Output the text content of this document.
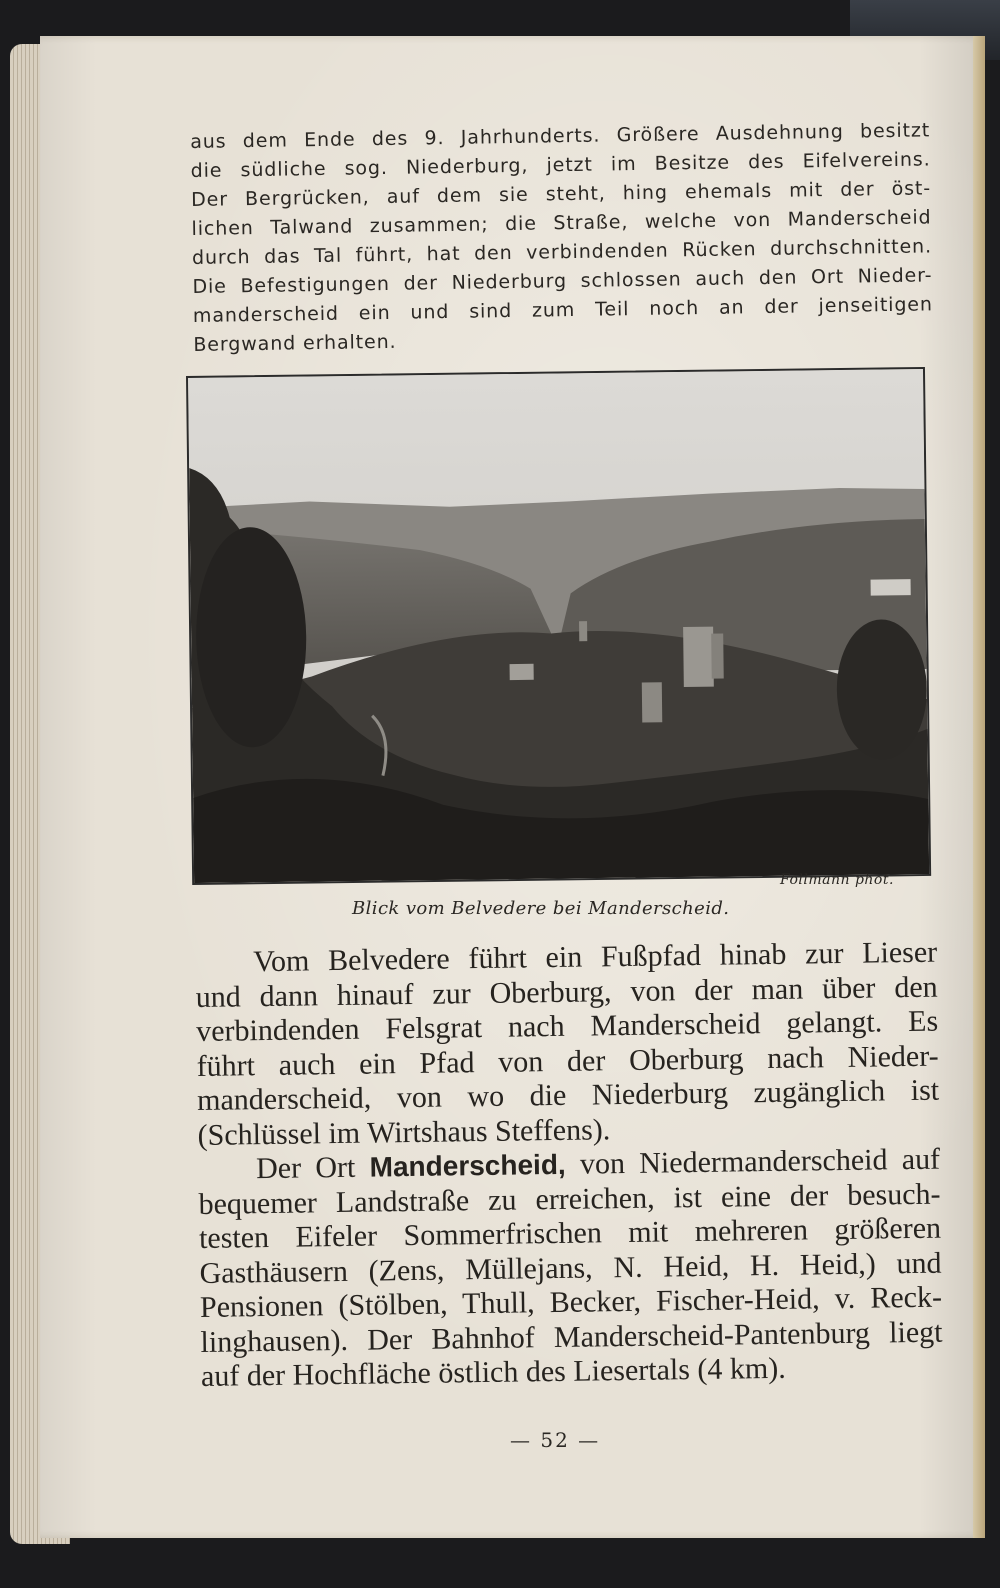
aus dem Ende des 9. Jahrhunderts. Größere Ausdehnung besitzt
die südliche sog. Niederburg, jetzt im Besitze des Eifelvereins.
Der Bergrücken, auf dem sie steht, hing ehemals mit der öst-
lichen Talwand zusammen; die Straße, welche von Manderscheid
durch das Tal führt, hat den verbindenden Rücken durchschnitten.
Die Befestigungen der Niederburg schlossen auch den Ort Nieder-
manderscheid ein und sind zum Teil noch an der jenseitigen
Bergwand erhalten.
Follmann phot.
Blick vom Belvedere bei Manderscheid.
Vom Belvedere führt ein Fußpfad hinab zur Lieser
und dann hinauf zur Oberburg, von der man über den
verbindenden Felsgrat nach Manderscheid gelangt. Es
führt auch ein Pfad von der Oberburg nach Nieder-
manderscheid, von wo die Niederburg zugänglich ist
(Schlüssel im Wirtshaus Steffens).
Der Ort Manderscheid, von Niedermanderscheid auf
bequemer Landstraße zu erreichen, ist eine der besuch-
testen Eifeler Sommerfrischen mit mehreren größeren
Gasthäusern (Zens, Müllejans, N. Heid, H. Heid,) und
Pensionen (Stölben, Thull, Becker, Fischer-Heid, v. Reck-
linghausen). Der Bahnhof Manderscheid-Pantenburg liegt
auf der Hochfläche östlich des Liesertals (4 km).
— 52 —
